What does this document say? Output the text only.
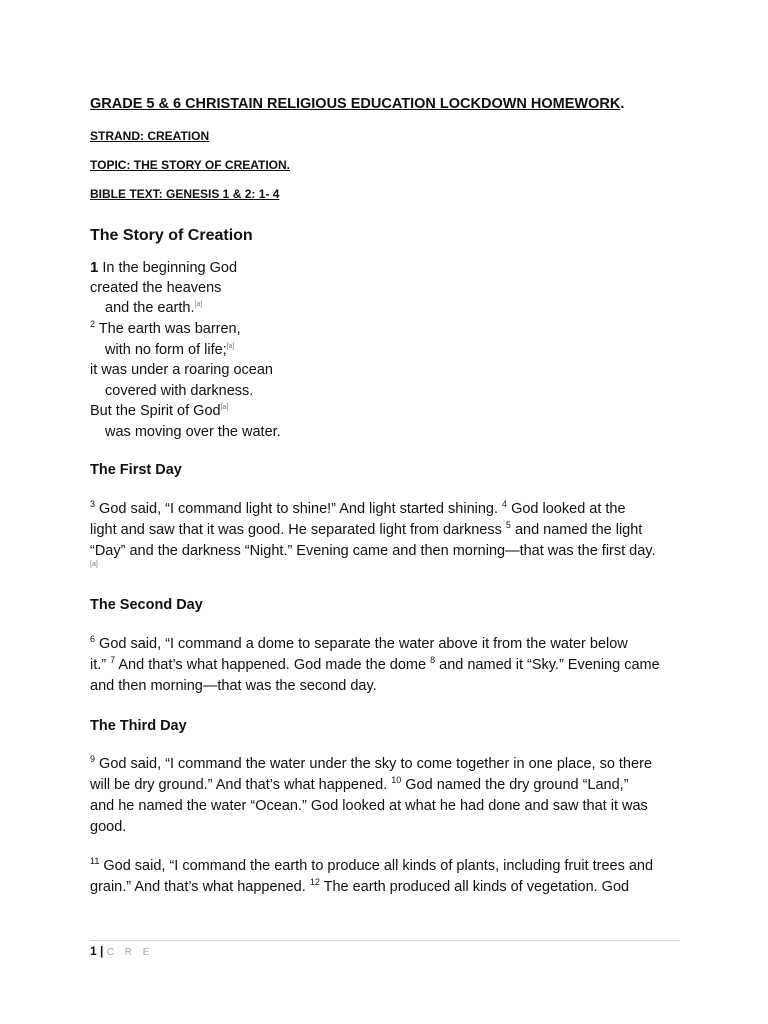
GRADE 5 & 6 CHRISTAIN RELIGIOUS EDUCATION LOCKDOWN HOMEWORK.
STRAND: CREATION
TOPIC: THE STORY OF CREATION.
BIBLE TEXT: GENESIS 1 & 2: 1- 4
The Story of Creation
1 In the beginning God
created the heavens
and the earth.[a]
$^2$ The earth was barren,
with no form of life;[a]
it was under a roaring ocean
covered with darkness.
But the Spirit of God[a]
was moving over the water.
The First Day
$^3$ God said, “I command light to shine!” And light started shining. $^4$ God looked at the
light and saw that it was good. He separated light from darkness $^5$ and named the light
“Day” and the darkness “Night.” Evening came and then morning—that was the first day.
[a]
The Second Day
$^6$ God said, “I command a dome to separate the water above it from the water below
it.” $^7$ And that’s what happened. God made the dome $^8$ and named it “Sky.” Evening came
and then morning—that was the second day.
The Third Day
$^9$ God said, “I command the water under the sky to come together in one place, so there
will be dry ground.” And that’s what happened. $^{10}$ God named the dry ground “Land,”
and he named the water “Ocean.” God looked at what he had done and saw that it was
good.
$^{11}$ God said, “I command the earth to produce all kinds of plants, including fruit trees and
grain.” And that’s what happened. $^{12}$ The earth produced all kinds of vegetation. God
1 | C R E
